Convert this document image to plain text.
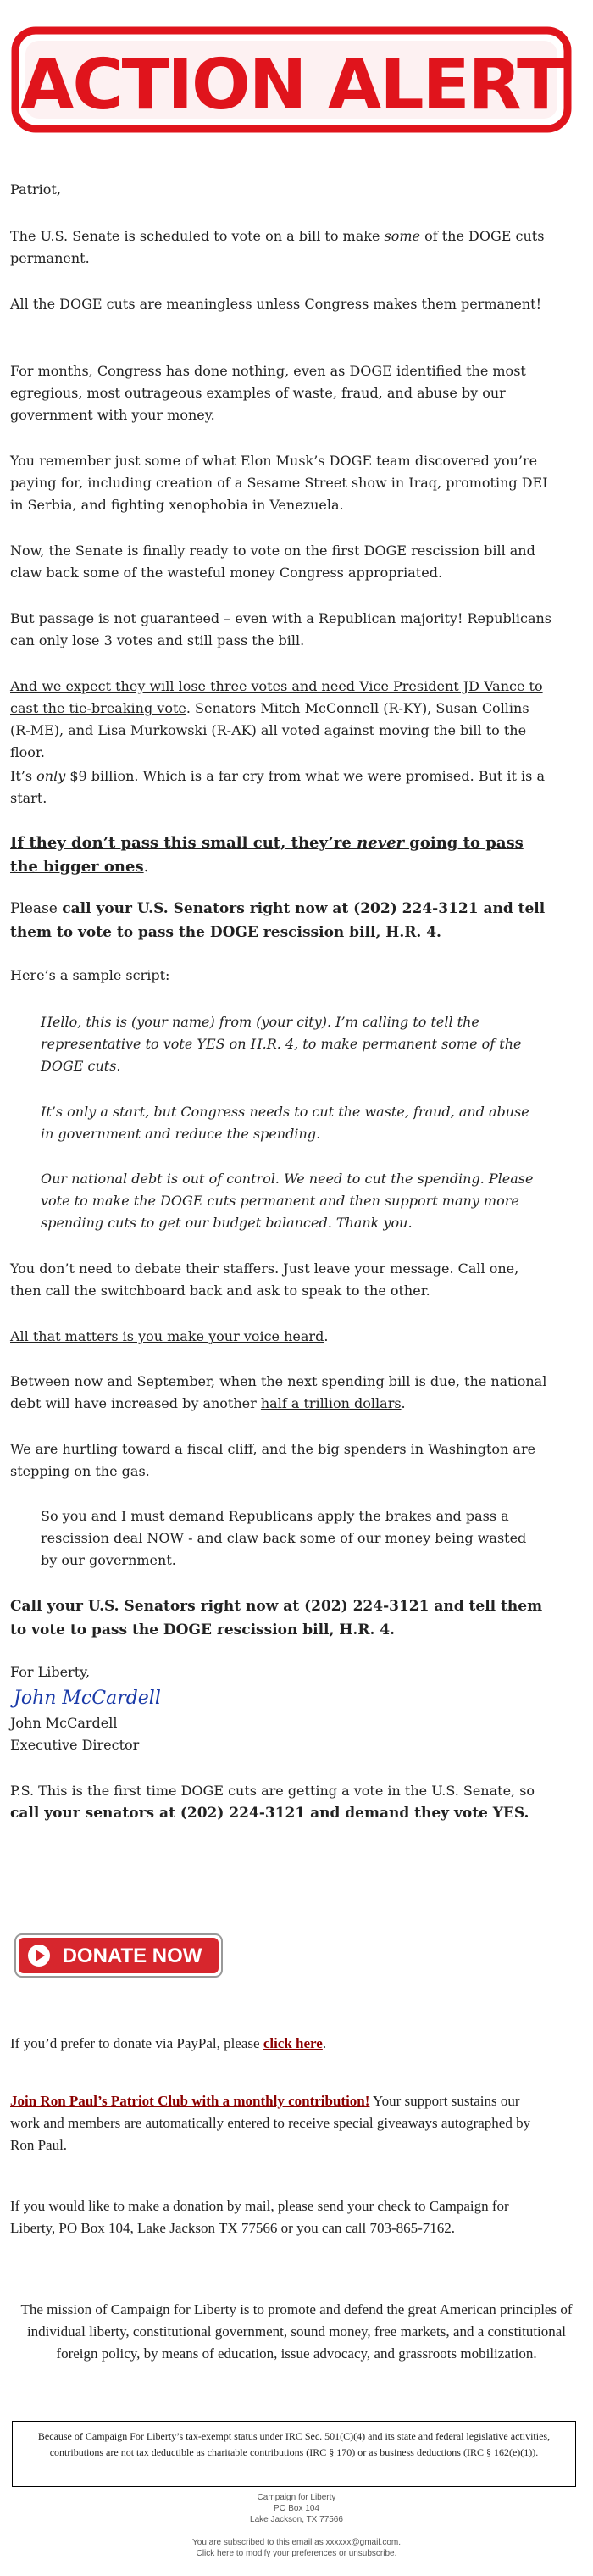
ACTION ALERT

Patriot,

The U.S. Senate is scheduled to vote on a bill to make some of the DOGE cuts permanent.

All the DOGE cuts are meaningless unless Congress makes them permanent!

For months, Congress has done nothing, even as DOGE identified the most egregious, most outrageous examples of waste, fraud, and abuse by our government with your money.

You remember just some of what Elon Musk’s DOGE team discovered you’re paying for, including creation of a Sesame Street show in Iraq, promoting DEI in Serbia, and fighting xenophobia in Venezuela.

Now, the Senate is finally ready to vote on the first DOGE rescission bill and claw back some of the wasteful money Congress appropriated.

But passage is not guaranteed – even with a Republican majority! Republicans can only lose 3 votes and still pass the bill.

And we expect they will lose three votes and need Vice President JD Vance to cast the tie-breaking vote. Senators Mitch McConnell (R-KY), Susan Collins (R-ME), and Lisa Murkowski (R-AK) all voted against moving the bill to the floor.

It’s only $9 billion. Which is a far cry from what we were promised. But it is a start.

If they don’t pass this small cut, they’re never going to pass the bigger ones.

Please call your U.S. Senators right now at (202) 224-3121 and tell them to vote to pass the DOGE rescission bill, H.R. 4.

Here’s a sample script:

Hello, this is (your name) from (your city). I’m calling to tell the representative to vote YES on H.R. 4, to make permanent some of the DOGE cuts.

It’s only a start, but Congress needs to cut the waste, fraud, and abuse in government and reduce the spending.

Our national debt is out of control. We need to cut the spending. Please vote to make the DOGE cuts permanent and then support many more spending cuts to get our budget balanced. Thank you.

You don’t need to debate their staffers. Just leave your message. Call one, then call the switchboard back and ask to speak to the other.

All that matters is you make your voice heard.

Between now and September, when the next spending bill is due, the national debt will have increased by another half a trillion dollars.

We are hurtling toward a fiscal cliff, and the big spenders in Washington are stepping on the gas.

So you and I must demand Republicans apply the brakes and pass a rescission deal NOW - and claw back some of our money being wasted by our government.

Call your U.S. Senators right now at (202) 224-3121 and tell them to vote to pass the DOGE rescission bill, H.R. 4.

For Liberty,

John McCardell

John McCardell

Executive Director

P.S. This is the first time DOGE cuts are getting a vote in the U.S. Senate, so call your senators at (202) 224-3121 and demand they vote YES.

DONATE NOW

If you’d prefer to donate via PayPal, please click here.

Join Ron Paul’s Patriot Club with a monthly contribution! Your support sustains our work and members are automatically entered to receive special giveaways autographed by Ron Paul.

If you would like to make a donation by mail, please send your check to Campaign for Liberty, PO Box 104, Lake Jackson TX 77566 or you can call 703-865-7162.

The mission of Campaign for Liberty is to promote and defend the great American principles of individual liberty, constitutional government, sound money, free markets, and a constitutional foreign policy, by means of education, issue advocacy, and grassroots mobilization.

Because of Campaign For Liberty’s tax-exempt status under IRC Sec. 501(C)(4) and its state and federal legislative activities, contributions are not tax deductible as charitable contributions (IRC § 170) or as business deductions (IRC § 162(e)(1)).
Campaign for Liberty
PO Box 104
Lake Jackson, TX 77566
You are subscribed to this email as xxxxxx@gmail.com.
Click here to modify your preferences or unsubscribe.
